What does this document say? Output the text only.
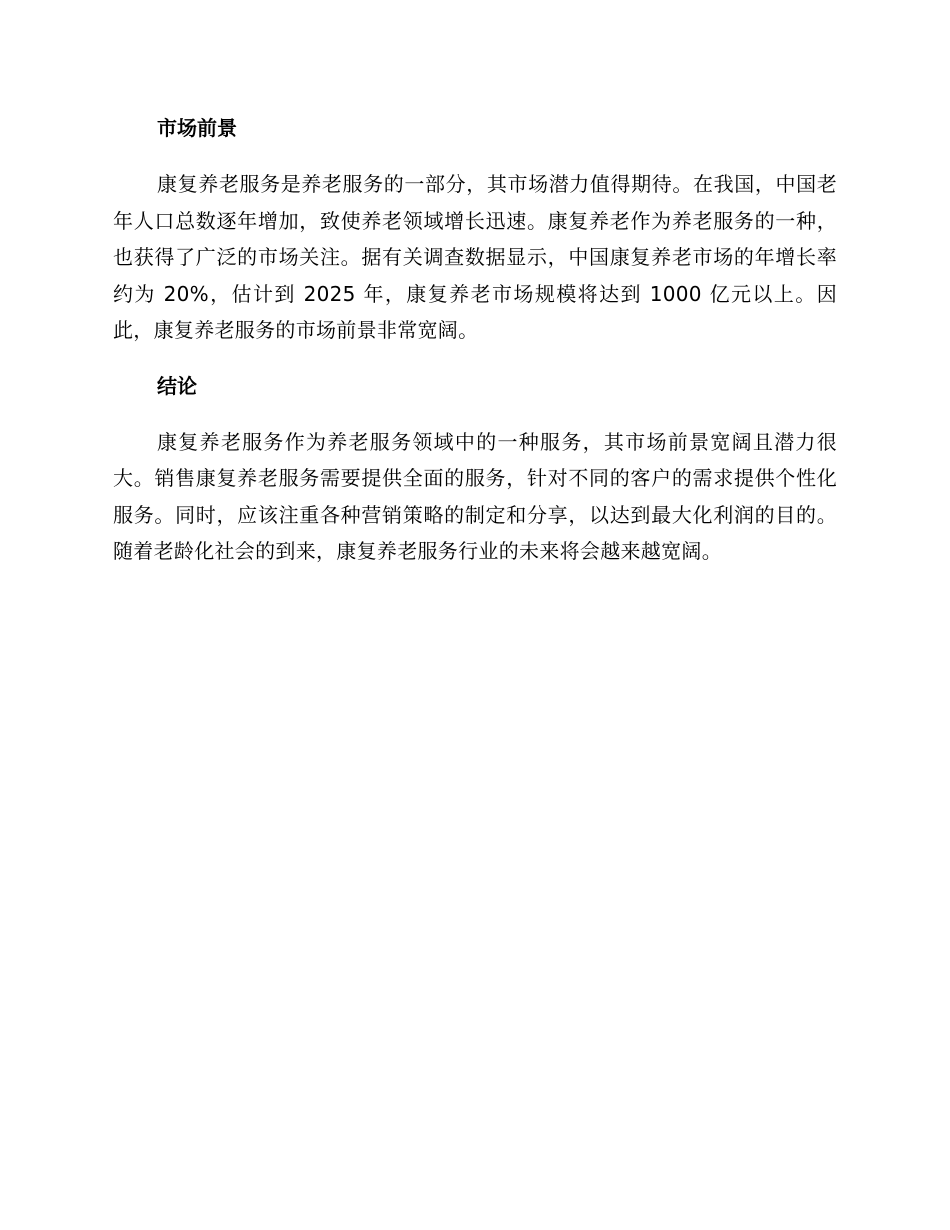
市场前景

康复养老服务是养老服务的一部分，其市场潜力值得期待。在我国，中国老年人口总数逐年增加，致使养老领域增长迅速。康复养老作为养老服务的一种，也获得了广泛的市场关注。据有关调查数据显示，中国康复养老市场的年增长率约为 20%，估计到 2025 年，康复养老市场规模将达到 1000 亿元以上。因此，康复养老服务的市场前景非常宽阔。

结论

康复养老服务作为养老服务领域中的一种服务，其市场前景宽阔且潜力很大。销售康复养老服务需要提供全面的服务，针对不同的客户的需求提供个性化服务。同时，应该注重各种营销策略的制定和分享，以达到最大化利润的目的。随着老龄化社会的到来，康复养老服务行业的未来将会越来越宽阔。
